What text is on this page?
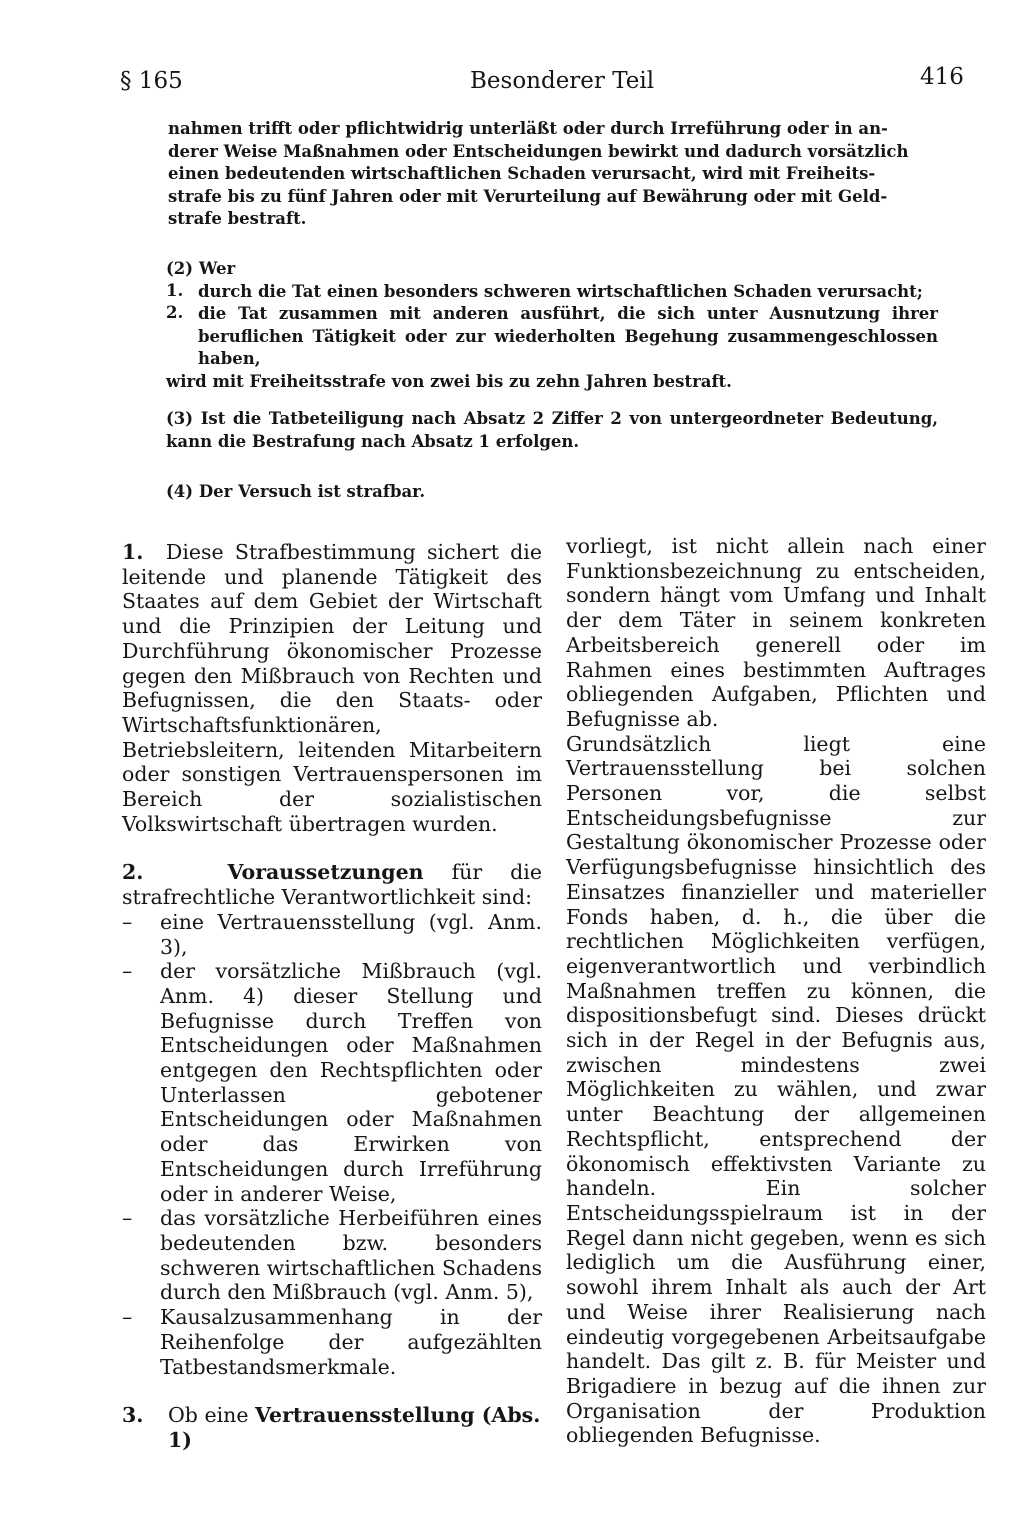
§ 165	Besonderer Teil	416

nahmen trifft oder pflichtwidrig unterläßt oder durch Irreführung oder in an-

derer Weise Maßnahmen oder Entscheidungen bewirkt und dadurch vorsätzlich

einen bedeutenden wirtschaftlichen Schaden verursacht, wird mit Freiheits-

strafe bis zu fünf Jahren oder mit Verurteilung auf Bewährung oder mit Geld-

strafe bestraft.

(2) Wer

1. durch die Tat einen besonders schweren wirtschaftlichen Schaden verursacht;

2. die Tat zusammen mit anderen ausführt, die sich unter Ausnutzung ihrer beruflichen Tätigkeit oder zur wiederholten Begehung zusammengeschlossen haben,

wird mit Freiheitsstrafe von zwei bis zu zehn Jahren bestraft.

(3) Ist die Tatbeteiligung nach Absatz 2 Ziffer 2 von untergeordneter Bedeutung, kann die Bestrafung nach Absatz 1 erfolgen.

(4) Der Versuch ist strafbar.

1. Diese Strafbestimmung sichert die leitende und planende Tätigkeit des Staates auf dem Gebiet der Wirtschaft und die Prinzipien der Leitung und Durchführung ökonomischer Prozesse gegen den Mißbrauch von Rechten und Befugnissen, die den Staats- oder Wirtschaftsfunktionären, Betriebsleitern, leitenden Mitarbeitern oder sonstigen Vertrauenspersonen im Bereich der sozialistischen Volkswirtschaft übertragen wurden.

2.	Voraussetzungen für die strafrechtliche Verantwortlichkeit sind:

–	eine Vertrauensstellung (vgl. Anm. 3),
–	der vorsätzliche Mißbrauch (vgl. Anm. 4) dieser Stellung und Befugnisse durch Treffen von Entscheidungen oder Maßnahmen entgegen den Rechtspflichten oder Unterlassen gebotener Entscheidungen oder Maßnahmen oder das Erwirken von Entscheidungen durch Irreführung oder in anderer Weise,
–	das vorsätzliche Herbeiführen eines bedeutenden bzw. besonders schweren wirtschaftlichen Schadens durch den Mißbrauch (vgl. Anm. 5),
–	Kausalzusammenhang in der Reihenfolge der aufgezählten Tatbestandsmerkmale.
3.	Ob eine Vertrauensstellung (Abs. 1)

vorliegt, ist nicht allein nach einer Funktionsbezeichnung zu entscheiden, sondern hängt vom Umfang und Inhalt der dem Täter in seinem konkreten Arbeitsbereich generell oder im Rahmen eines bestimmten Auftrages obliegenden Aufgaben, Pflichten und Befugnisse ab.

Grundsätzlich liegt eine Vertrauensstellung bei solchen Personen vor, die selbst Entscheidungsbefugnisse zur Gestaltung ökonomischer Prozesse oder Verfügungsbefugnisse hinsichtlich des Einsatzes finanzieller und materieller Fonds haben, d. h., die über die rechtlichen Möglichkeiten verfügen, eigenverantwortlich und verbindlich Maßnahmen treffen zu können, die dispositionsbefugt sind. Dieses drückt sich in der Regel in der Befugnis aus, zwischen mindestens zwei Möglichkeiten zu wählen, und zwar unter Beachtung der allgemeinen Rechtspflicht, entsprechend der ökonomisch effektivsten Variante zu handeln. Ein solcher Entscheidungsspielraum ist in der Regel dann nicht gegeben, wenn es sich lediglich um die Ausführung einer, sowohl ihrem Inhalt als auch der Art und Weise ihrer Realisierung nach eindeutig vorgegebenen Arbeitsaufgabe handelt. Das gilt z. B. für Meister und Brigadiere in bezug auf die ihnen zur Organisation der Produktion obliegenden Befugnisse.
